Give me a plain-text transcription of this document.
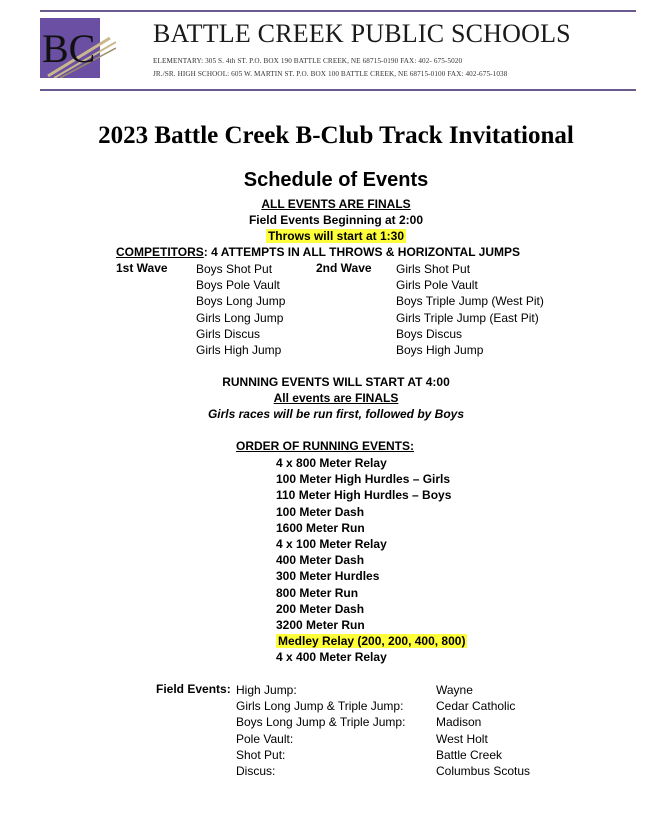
BC BATTLE CREEK PUBLIC SCHOOLS
ELEMENTARY: 305 S. 4th ST. P.O. BOX 190 BATTLE CREEK, NE 68715-0190 FAX: 402- 675-5020
JR./SR. HIGH SCHOOL: 605 W. MARTIN ST. P.O. BOX 100 BATTLE CREEK, NE 68715-0100 FAX: 402-675-1038
2023 Battle Creek B-Club Track Invitational
Schedule of Events
ALL EVENTS ARE FINALS
Field Events Beginning at 2:00
Throws will start at 1:30
COMPETITORS: 4 ATTEMPTS IN ALL THROWS & HORIZONTAL JUMPS
1st Wave Boys Shot Put
Boys Pole Vault
Boys Long Jump
Girls Long Jump
Girls Discus
Girls High Jump
2nd Wave Girls Shot Put
Girls Pole Vault
Boys Triple Jump (West Pit)
Girls Triple Jump (East Pit)
Boys Discus
Boys High Jump
RUNNING EVENTS WILL START AT 4:00
All events are FINALS
Girls races will be run first, followed by Boys
ORDER OF RUNNING EVENTS:
4 x 800 Meter Relay
100 Meter High Hurdles – Girls
110 Meter High Hurdles – Boys
100 Meter Dash
1600 Meter Run
4 x 100 Meter Relay
400 Meter Dash
300 Meter Hurdles
800 Meter Run
200 Meter Dash
3200 Meter Run
Medley Relay (200, 200, 400, 800)
4 x 400 Meter Relay
Field Events: High Jump:
Girls Long Jump & Triple Jump:
Boys Long Jump & Triple Jump:
Pole Vault:
Shot Put:
Discus:
Wayne
Cedar Catholic
Madison
West Holt
Battle Creek
Columbus Scotus
